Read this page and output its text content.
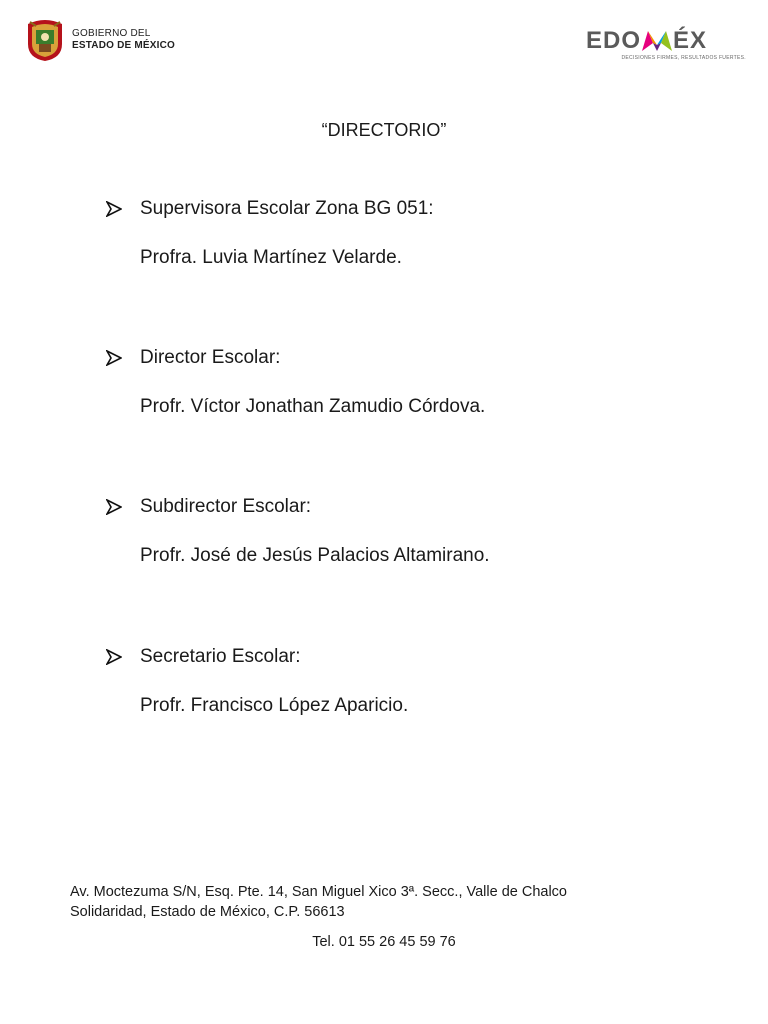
GOBIERNO DEL
ESTADO DE MÉXICO	EDO ÉX
DECISIONES FIRMES, RESULTADOS FUERTES.
“DIRECTORIO”
Supervisora Escolar Zona BG 051:
Profra. Luvia Martínez Velarde.
Director Escolar:
Profr. Víctor Jonathan Zamudio Córdova.
Subdirector Escolar:
Profr. José de Jesús Palacios Altamirano.
Secretario Escolar:
Profr. Francisco López Aparicio.
Av. Moctezuma S/N, Esq. Pte. 14, San Miguel Xico 3ª. Secc., Valle de Chalco
Solidaridad, Estado de México, C.P. 56613
Tel. 01 55 26 45 59 76
